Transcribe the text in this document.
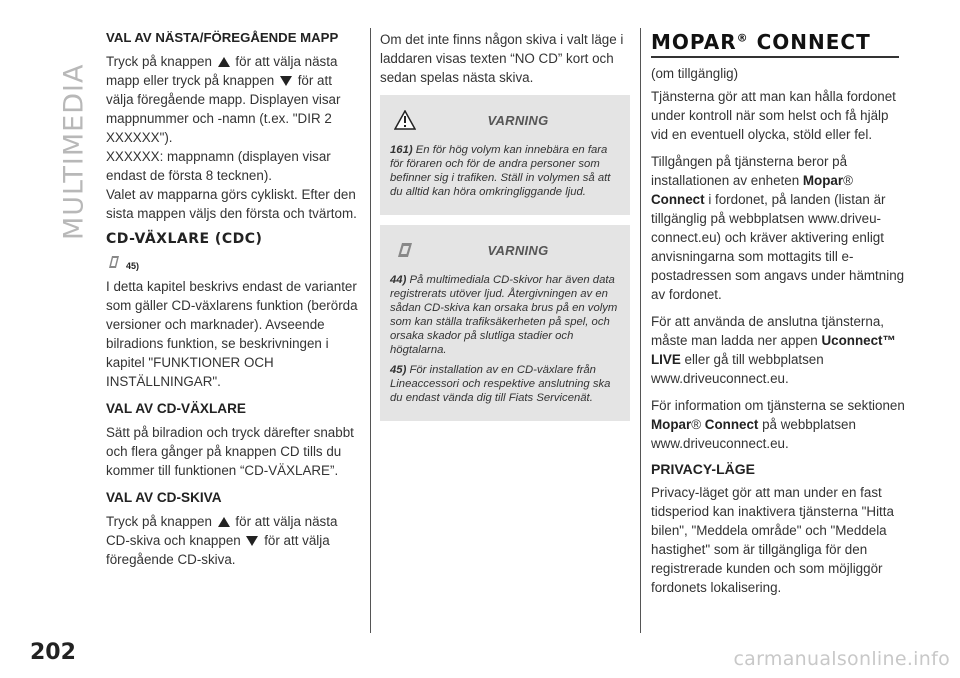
MULTIMEDIA
202
VAL AV NÄSTA/FÖREGÅENDE MAPP

Tryck på knappen för att välja nästa mapp eller tryck på knappen för att välja föregående mapp. Displayen visar mappnummer och -namn (t.ex. "DIR 2 XXXXXX").
XXXXXX: mappnamn (displayen visar endast de första 8 tecknen).
Valet av mapparna görs cykliskt. Efter den sista mappen väljs den första och tvärtom.

CD-VÄXLARE (CDC)
45)

I detta kapitel beskrivs endast de varianter som gäller CD-växlarens funktion (berörda versioner och marknader). Avseende bilradions funktion, se beskrivningen i kapitel "FUNKTIONER OCH INSTÄLLNINGAR".

VAL AV CD-VÄXLARE

Sätt på bilradion och tryck därefter snabbt och flera gånger på knappen CD tills du kommer till funktionen “CD-VÄXLARE”.

VAL AV CD-SKIVA

Tryck på knappen för att välja nästa CD-skiva och knappen för att välja föregående CD-skiva.

Om det inte finns någon skiva i valt läge i laddaren visas texten “NO CD” kort och sedan spelas nästa skiva.

VARNING
161) En för hög volym kan innebära en fara för föraren och för de andra personer som befinner sig i trafiken. Ställ in volymen så att du alltid kan höra omkringliggande ljud.
VARNING
44) På multimediala CD-skivor har även data registrerats utöver ljud. Återgivningen av en sådan CD-skiva kan orsaka brus på en volym som kan ställa trafiksäkerheten på spel, och orsaka skador på slutliga stadier och högtalarna.
45) För installation av en CD-växlare från Lineaccessori och respektive anslutning ska du endast vända dig till Fiats Servicenät.
MOPAR® CONNECT
(om tillgänglig)

Tjänsterna gör att man kan hålla fordonet under kontroll när som helst och få hjälp vid en eventuell olycka, stöld eller fel.

Tillgången på tjänsterna beror på installationen av enheten Mopar® Connect i fordonet, på landen (listan är tillgänglig på webbplatsen www.driveu-connect.eu) och kräver aktivering enligt anvisningarna som mottagits till e-postadressen som angavs under hämtning av fordonet.

För att använda de anslutna tjänsterna, måste man ladda ner appen Uconnect™ LIVE eller gå till webbplatsen www.driveuconnect.eu.

För information om tjänsterna se sektionen Mopar® Connect på webbplatsen www.driveuconnect.eu.

PRIVACY-LÄGE

Privacy-läget gör att man under en fast tidsperiod kan inaktivera tjänsterna "Hitta bilen", "Meddela område" och "Meddela hastighet" som är tillgängliga för den registrerade kunden och som möjliggör fordonets lokalisering.

carmanualsonline.info
